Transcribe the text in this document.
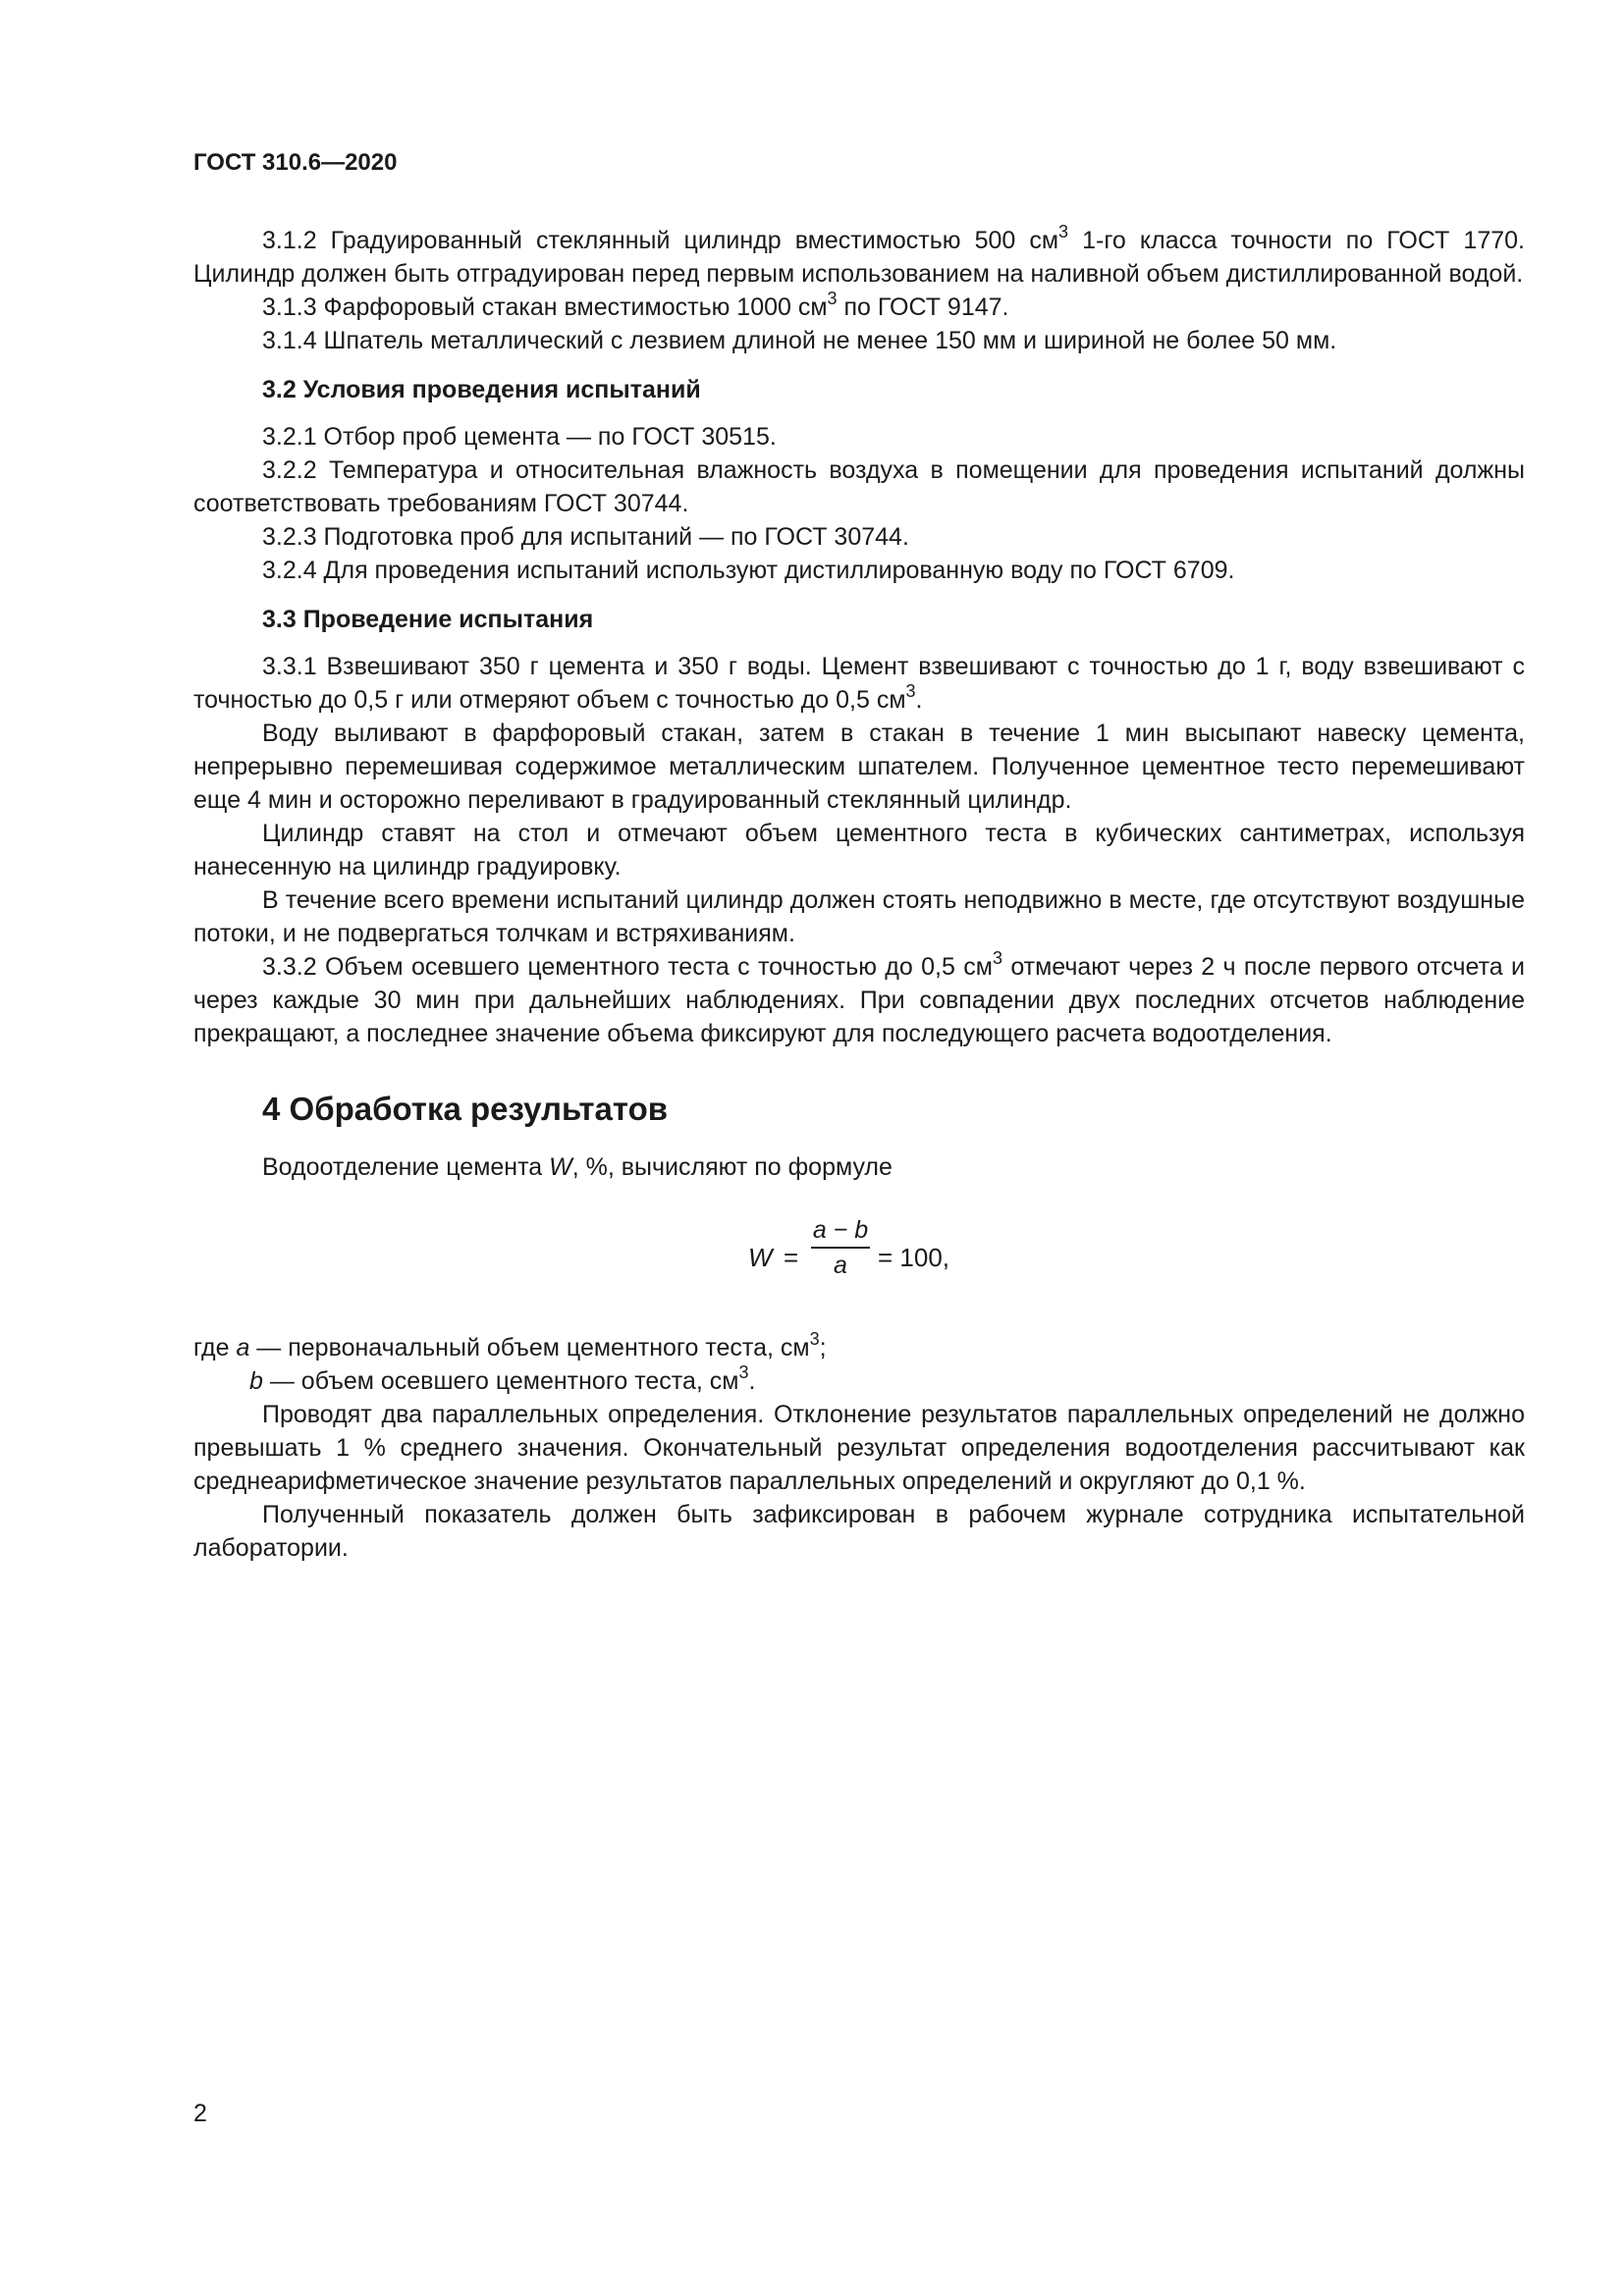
ГОСТ 310.6—2020

3.1.2 Градуированный стеклянный цилиндр вместимостью 500 $см^3$ 1-го класса точности по ГОСТ 1770. Цилиндр должен быть отградуирован перед первым использованием на наливной объем дистиллированной водой.

3.1.3 Фарфоровый стакан вместимостью 1000 $см^3$ по ГОСТ 9147.

3.1.4 Шпатель металлический с лезвием длиной не менее 150 мм и шириной не более 50 мм.

3.2 Условия проведения испытаний

3.2.1 Отбор проб цемента — по ГОСТ 30515.

3.2.2 Температура и относительная влажность воздуха в помещении для проведения испытаний должны соответствовать требованиям ГОСТ 30744.

3.2.3 Подготовка проб для испытаний — по ГОСТ 30744.

3.2.4 Для проведения испытаний используют дистиллированную воду по ГОСТ 6709.

3.3 Проведение испытания

3.3.1 Взвешивают 350 г цемента и 350 г воды. Цемент взвешивают с точностью до 1 г, воду взвешивают с точностью до 0,5 г или отмеряют объем с точностью до 0,5 $см^3$.

Воду выливают в фарфоровый стакан, затем в стакан в течение 1 мин высыпают навеску цемента, непрерывно перемешивая содержимое металлическим шпателем. Полученное цементное тесто перемешивают еще 4 мин и осторожно переливают в градуированный стеклянный цилиндр.

Цилиндр ставят на стол и отмечают объем цементного теста в кубических сантиметрах, используя нанесенную на цилиндр градуировку.

В течение всего времени испытаний цилиндр должен стоять неподвижно в месте, где отсутствуют воздушные потоки, и не подвергаться толчкам и встряхиваниям.

3.3.2 Объем осевшего цементного теста с точностью до 0,5 $см^3$ отмечают через 2 ч после первого отсчета и через каждые 30 мин при дальнейших наблюдениях. При совпадении двух последних отсчетов наблюдение прекращают, а последнее значение объема фиксируют для последующего расчета водоотделения.

4 Обработка результатов

Водоотделение цемента W, %, вычисляют по формуле

W =
a − b
a	= 100,

где a — первоначальный объем цементного теста, $см^3$;

b — объем осевшего цементного теста, $см^3$.

Проводят два параллельных определения. Отклонение результатов параллельных определений не должно превышать 1 % среднего значения. Окончательный результат определения водоотделения рассчитывают как среднеарифметическое значение результатов параллельных определений и округляют до 0,1 %.

Полученный показатель должен быть зафиксирован в рабочем журнале сотрудника испытательной лаборатории.

2
